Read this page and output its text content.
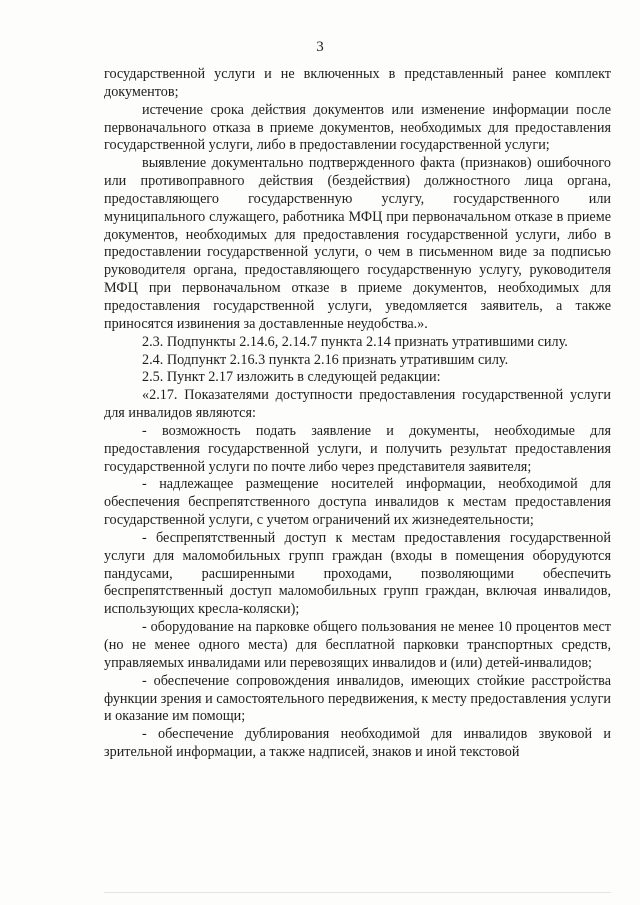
3

государственной услуги и не включенных в представленный ранее комплект документов;

истечение срока действия документов или изменение информации после первоначального отказа в приеме документов, необходимых для предоставления государственной услуги, либо в предоставлении государственной услуги;

выявление документально подтвержденного факта (признаков) ошибочного или противоправного действия (бездействия) должностного лица органа, предоставляющего государственную услугу, государственного или муниципального служащего, работника МФЦ при первоначальном отказе в приеме документов, необходимых для предоставления государственной услуги, либо в предоставлении государственной услуги, о чем в письменном виде за подписью руководителя органа, предоставляющего государственную услугу, руководителя МФЦ при первоначальном отказе в приеме документов, необходимых для предоставления государственной услуги, уведомляется заявитель, а также приносятся извинения за доставленные неудобства.».

2.3. Подпункты 2.14.6, 2.14.7 пункта 2.14 признать утратившими силу.

2.4. Подпункт 2.16.3 пункта 2.16 признать утратившим силу.

2.5. Пункт 2.17 изложить в следующей редакции:

«2.17. Показателями доступности предоставления государственной услуги для инвалидов являются:

- возможность подать заявление и документы, необходимые для предоставления государственной услуги, и получить результат предоставления государственной услуги по почте либо через представителя заявителя;

- надлежащее размещение носителей информации, необходимой для обеспечения беспрепятственного доступа инвалидов к местам предоставления государственной услуги, с учетом ограничений их жизнедеятельности;

- беспрепятственный доступ к местам предоставления государственной услуги для маломобильных групп граждан (входы в помещения оборудуются пандусами, расширенными проходами, позволяющими обеспечить беспрепятственный доступ маломобильных групп граждан, включая инвалидов, использующих кресла-коляски);

- оборудование на парковке общего пользования не менее 10 процентов мест (но не менее одного места) для бесплатной парковки транспортных средств, управляемых инвалидами или перевозящих инвалидов и (или) детей-инвалидов;

- обеспечение сопровождения инвалидов, имеющих стойкие расстройства функции зрения и самостоятельного передвижения, к месту предоставления услуги и оказание им помощи;

- обеспечение дублирования необходимой для инвалидов звуковой и зрительной информации, а также надписей, знаков и иной текстовой
